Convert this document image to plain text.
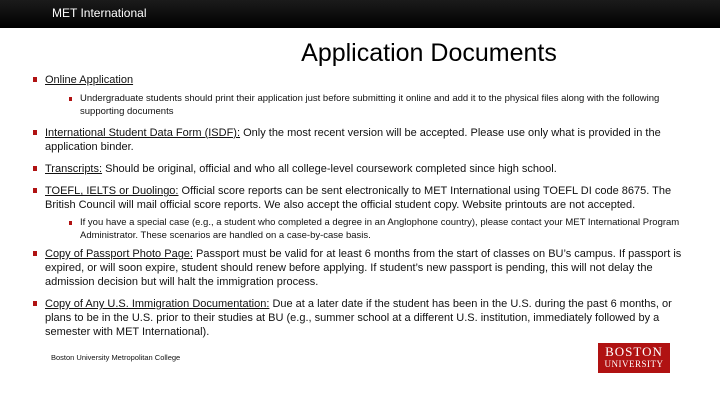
MET International
Application Documents
Online Application
Undergraduate students should print their application just before submitting it online and add it to the physical files along with the following supporting documents
International Student Data Form (ISDF): Only the most recent version will be accepted. Please use only what is provided in the application binder.
Transcripts: Should be original, official and who all college-level coursework completed since high school.
TOEFL, IELTS or Duolingo: Official score reports can be sent electronically to MET International using TOEFL DI code 8675. The British Council will mail official score reports. We also accept the official student copy. Website printouts are not accepted.
If you have a special case (e.g., a student who completed a degree in an Anglophone country), please contact your MET International Program Administrator. These scenarios are handled on a case-by-case basis.
Copy of Passport Photo Page: Passport must be valid for at least 6 months from the start of classes on BU’s campus. If passport is expired, or will soon expire, student should renew before applying. If student’s new passport is pending, this will not delay the admission decision but will halt the immigration process.
Copy of Any U.S. Immigration Documentation: Due at a later date if the student has been in the U.S. during the past 6 months, or plans to be in the U.S. prior to their studies at BU (e.g., summer school at a different U.S. institution, immediately followed by a semester with MET International).
Boston University Metropolitan College	BOSTON
UNIVERSITY
